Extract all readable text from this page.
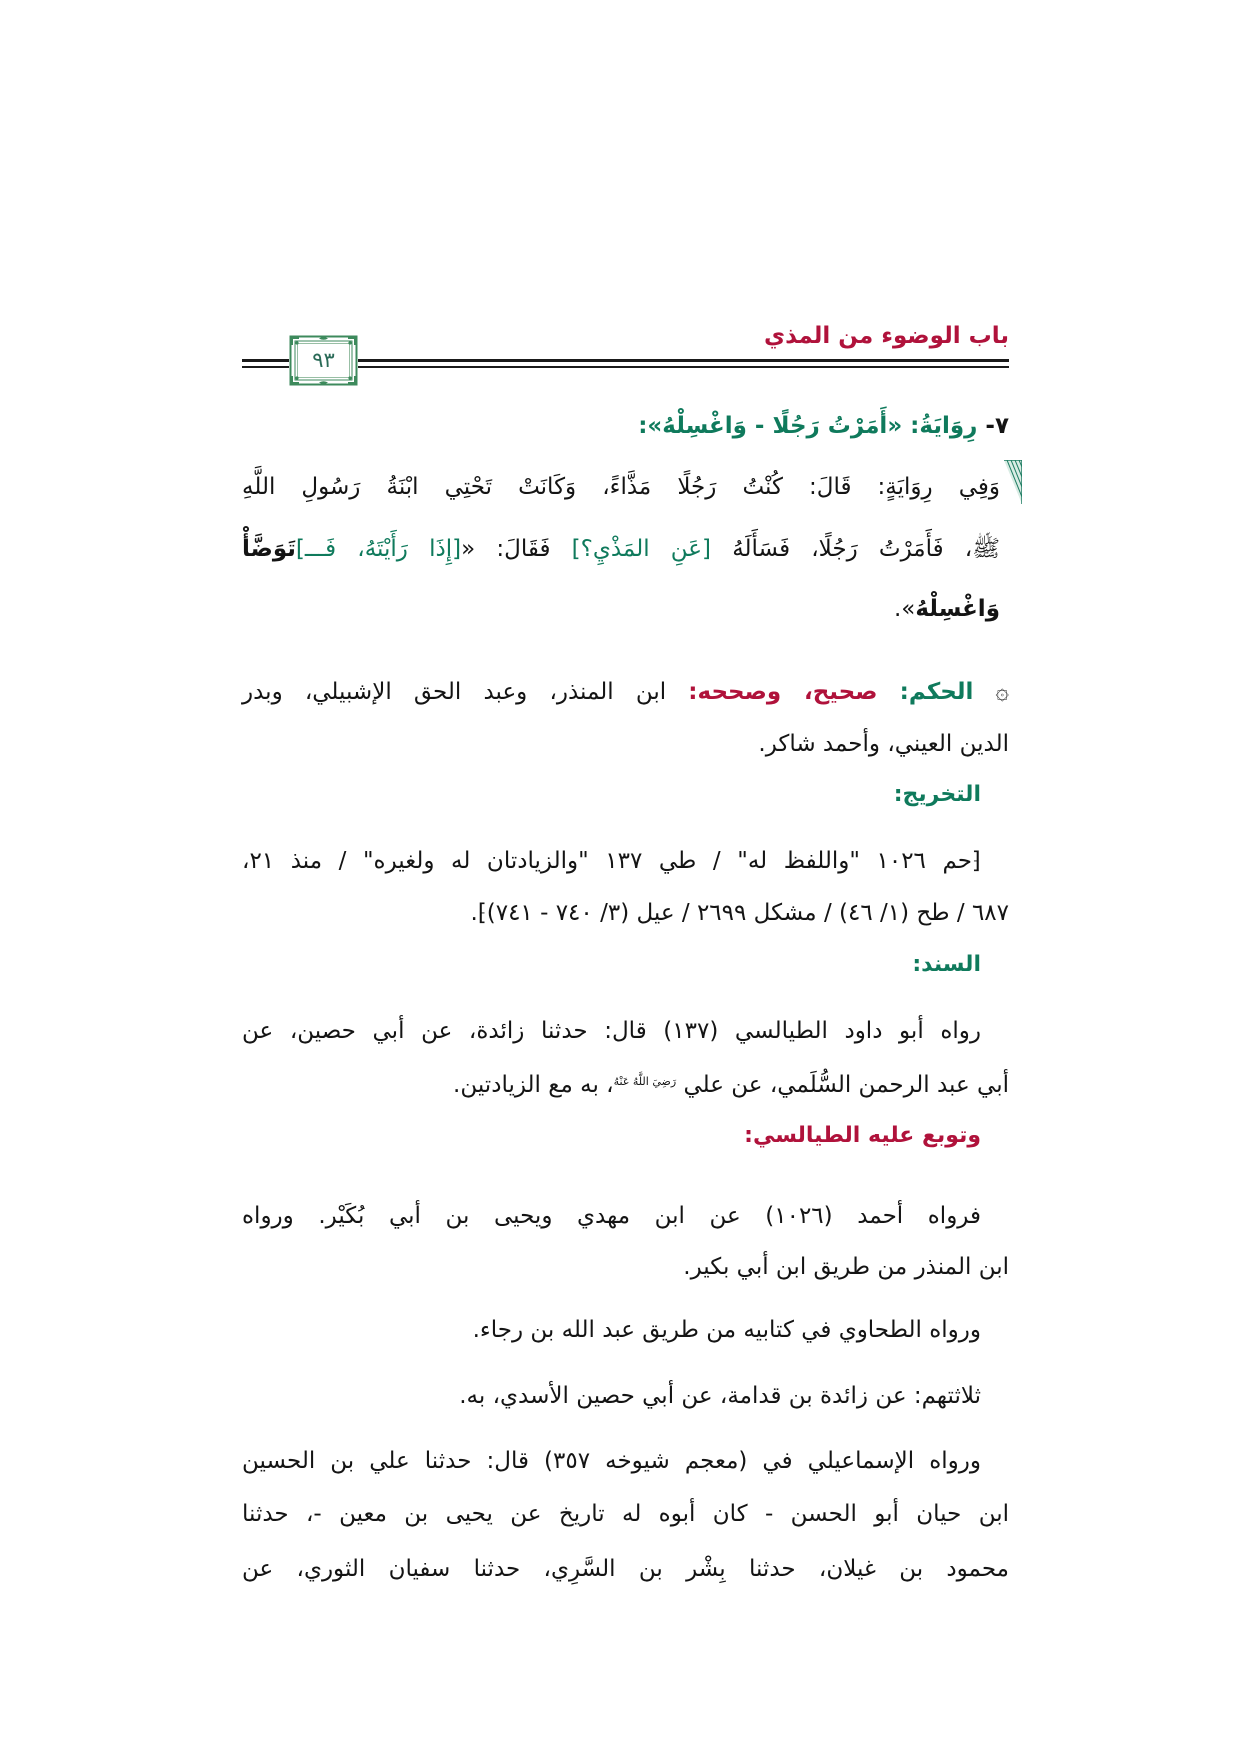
باب الوضوء من المذي
٩٣
٧- رِوَايَةُ: «أَمَرْتُ رَجُلًا - وَاغْسِلْهُ»:
وَفِي رِوَايَةٍ: قَالَ: كُنْتُ رَجُلًا مَذَّاءً، وَكَانَتْ تَحْتِي ابْنَةُ رَسُولِ اللَّهِ
ﷺ، فَأَمَرْتُ رَجُلًا، فَسَأَلَهُ [عَنِ المَذْيِ؟] فَقَالَ: «[إِذَا رَأَيْتَهُ، فَـــ]تَوَضَّأْ
وَاغْسِلْهُ».
۞ الحكم: صحيح، وصححه: ابن المنذر، وعبد الحق الإشبيلي، وبدر
الدين العيني، وأحمد شاكر.
التخريج:
⁅حم ١٠٢٦ "واللفظ له" / طي ١٣٧ "والزيادتان له ولغيره" / منذ ٢١،
٦٨٧ / طح (١/ ٤٦) / مشكل ٢٦٩٩ / عيل (٣/ ٧٤٠ - ٧٤١)⁆.
السند:
رواه أبو داود الطيالسي (١٣٧) قال: حدثنا زائدة، عن أبي حصين، عن
أبي عبد الرحمن السُّلَمي، عن علي $^{رَضِيَ اللَّهُ عَنْهُ}$، به مع الزيادتين.
وتوبع عليه الطيالسي:
فرواه أحمد (١٠٢٦) عن ابن مهدي ويحيى بن أبي بُكَيْر. ورواه
ابن المنذر من طريق ابن أبي بكير.
ورواه الطحاوي في كتابيه من طريق عبد الله بن رجاء.
ثلاثتهم: عن زائدة بن قدامة، عن أبي حصين الأسدي، به.
ورواه الإسماعيلي في (معجم شيوخه ٣٥٧) قال: حدثنا علي بن الحسين
ابن حيان أبو الحسن - كان أبوه له تاريخ عن يحيى بن معين -، حدثنا
محمود بن غيلان، حدثنا بِشْر بن السَّرِي، حدثنا سفيان الثوري، عن
